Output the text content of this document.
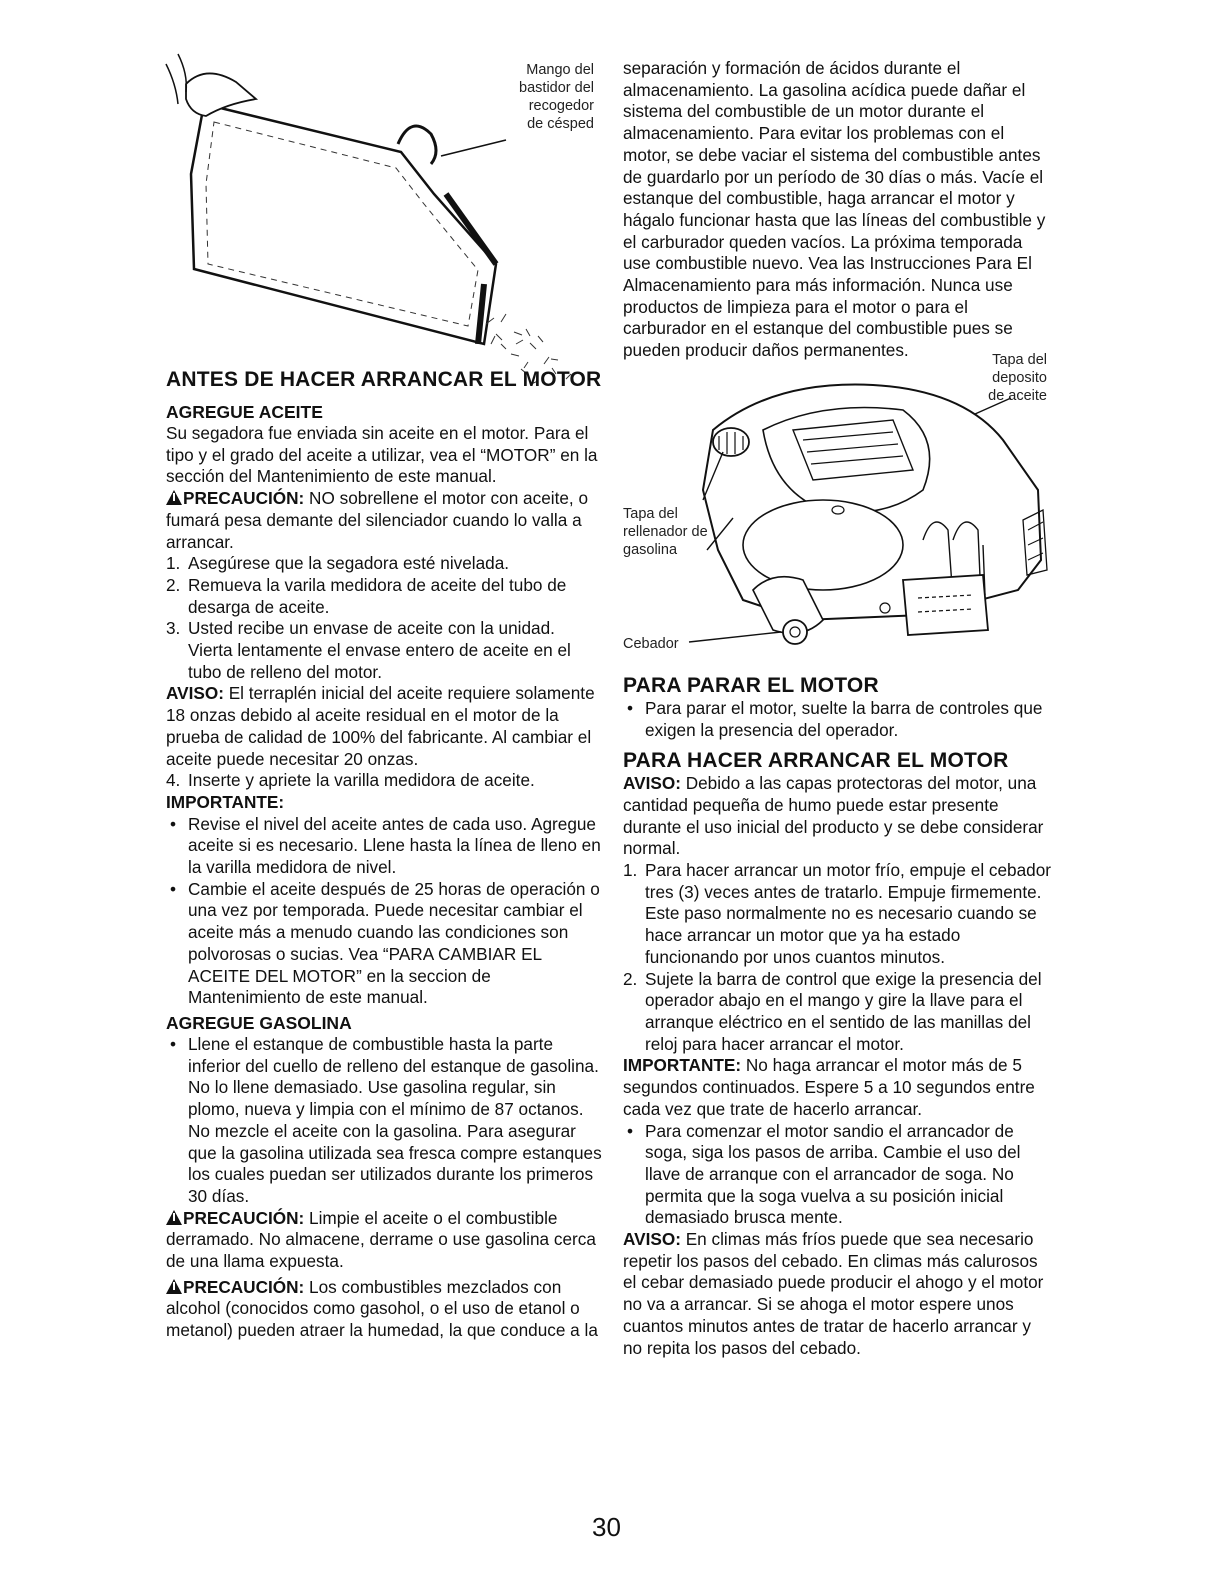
Mango del
bastidor del
recogedor
de césped

ANTES DE HACER ARRANCAR EL MOTOR

AGREGUE ACEITE

Su segadora fue enviada sin aceite en el motor. Para el tipo y el grado del aceite a utilizar, vea el “MOTOR” en la sección del Mantenimiento de este manual.

PRECAUCIÓN: NO sobrellene el motor con aceite, o fumará pesa demante del silenciador cuando lo valla a arrancar.

1. Asegúrese que la segadora esté nivelada.
2. Remueva la varila medidora de aceite del tubo de desarga de aceite.
3. Usted recibe un envase de aceite con la unidad. Vierta lentamente el envase entero de aceite en el tubo de relleno del motor.

AVISO: El terraplén inicial del aceite requiere solamente 18 onzas debido al aceite residual en el motor de la prueba de calidad de 100% del fabricante. Al cambiar el aceite puede necesitar 20 onzas.

4. Inserte y apriete la varilla medidora de aceite.

IMPORTANTE:

• Revise el nivel del aceite antes de cada uso. Agregue aceite si es necesario. Llene hasta la línea de lleno en la varilla medidora de nivel.
• Cambie el aceite después de 25 horas de operación o una vez por temporada. Puede necesitar cambiar el aceite más a menudo cuando las condiciones son polvorosas o sucias. Vea “PARA CAMBIAR EL ACEITE DEL MOTOR” en la seccion de Mantenimiento de este manual.

AGREGUE GASOLINA

• Llene el estanque de combustible hasta la parte inferior del cuello de relleno del estanque de gasolina. No lo llene demasiado. Use gasolina regular, sin plomo, nueva y limpia con el mínimo de 87 octanos. No mezcle el aceite con la gasolina. Para asegurar que la gasolina utilizada sea fresca compre estanques los cuales puedan ser utilizados durante los primeros 30 días.

PRECAUCIÓN: Limpie el aceite o el combustible derramado. No almacene, derrame o use gasolina cerca de una llama expuesta.

PRECAUCIÓN: Los combustibles mezclados con alcohol (conocidos como gasohol, o el uso de etanol o metanol) pueden atraer la humedad, la que conduce a la

separación y formación de ácidos durante el almacenamiento. La gasolina acídica puede dañar el sistema del combustible de un motor durante el almacenamiento. Para evitar los problemas con el motor, se debe vaciar el sistema del combustible antes de guardarlo por un período de 30 días o más. Vacíe el estanque del combustible, haga arrancar el motor y hágalo funcionar hasta que las líneas del combustible y el carburador queden vacíos. La próxima temporada use combustible nuevo. Vea las Instrucciones Para El Almacenamiento para más información. Nunca use productos de limpieza para el motor o para el carburador en el estanque del combustible pues se pueden producir daños permanentes.	Tapa del
deposito
de aceite
Tapa del
rellenador de
gasolina
Cebador

PARA PARAR EL MOTOR

• Para parar el motor, suelte la barra de controles que exigen la presencia del operador.

PARA HACER ARRANCAR EL MOTOR

AVISO: Debido a las capas protectoras del motor, una cantidad pequeña de humo puede estar presente durante el uso inicial del producto y se debe considerar normal.

1. Para hacer arrancar un motor frío, empuje el cebador tres (3) veces antes de tratarlo. Empuje firmemente. Este paso normalmente no es necesario cuando se hace arrancar un motor que ya ha estado funcionando por unos cuantos minutos.
2. Sujete la barra de control que exige la presencia del operador abajo en el mango y gire la llave para el arranque eléctrico en el sentido de las manillas del reloj para hacer arrancar el motor.

IMPORTANTE: No haga arrancar el motor más de 5 segundos continuados. Espere 5 a 10 segundos entre cada vez que trate de hacerlo arrancar.

• Para comenzar el motor sandio el arrancador de soga, siga los pasos de arriba. Cambie el uso del llave de arranque con el arrancador de soga. No permita que la soga vuelva a su posición inicial demasiado brusca mente.

AVISO: En climas más fríos puede que sea necesario repetir los pasos del cebado. En climas más calurosos el cebar demasiado puede producir el ahogo y el motor no va a arrancar. Si se ahoga el motor espere unos cuantos minutos antes de tratar de hacerlo arrancar y no repita los pasos del cebado.

30
